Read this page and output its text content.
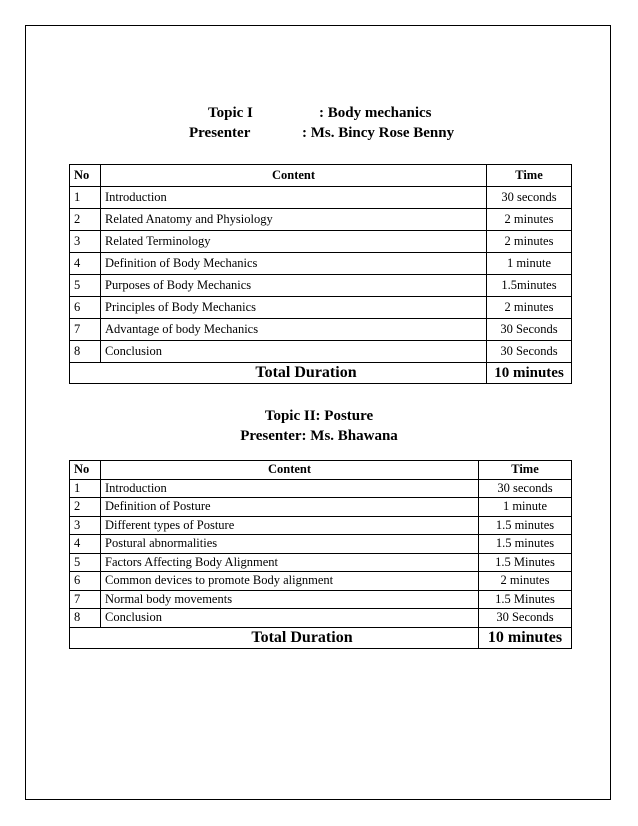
Topic I	: Body mechanics
Presenter	: Ms. Bincy Rose Benny
No	Content	Time
1	Introduction	30 seconds
2	Related Anatomy and Physiology	2 minutes
3	Related Terminology	2 minutes
4	Definition of Body Mechanics	1 minute
5	Purposes of Body Mechanics	1.5minutes
6	Principles of Body Mechanics	2 minutes
7	Advantage of body Mechanics	30 Seconds
8	Conclusion	30 Seconds
Total Duration		10 minutes
Topic II: Posture
Presenter: Ms. Bhawana
No	Content	Time
1	Introduction	30 seconds
2	Definition of Posture	1 minute
3	Different types of Posture	1.5 minutes
4	Postural abnormalities	1.5 minutes
5	Factors Affecting Body Alignment	1.5 Minutes
6	Common devices to promote Body alignment	2 minutes
7	Normal body movements	1.5 Minutes
8	Conclusion	30 Seconds
Total Duration		10 minutes
